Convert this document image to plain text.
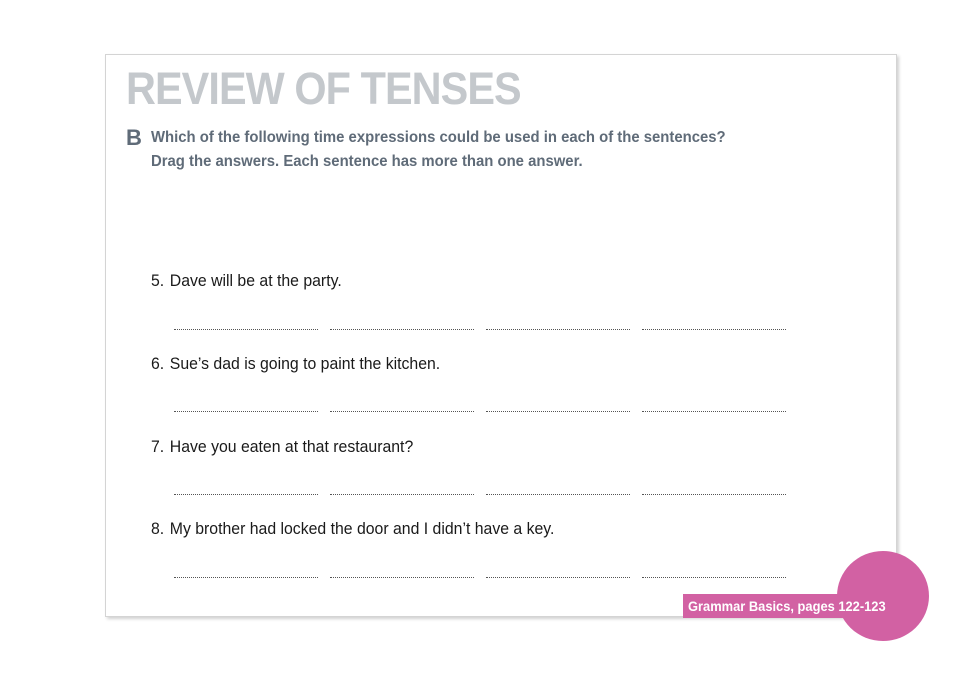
REVIEW OF TENSES
B Which of the following time expressions could be used in each of the sentences?
Drag the answers. Each sentence has more than one answer.
5. Dave will be at the party.
6. Sue’s dad is going to paint the kitchen.
7. Have you eaten at that restaurant?
8. My brother had locked the door and I didn’t have a key.
Grammar Basics, pages 122-123
